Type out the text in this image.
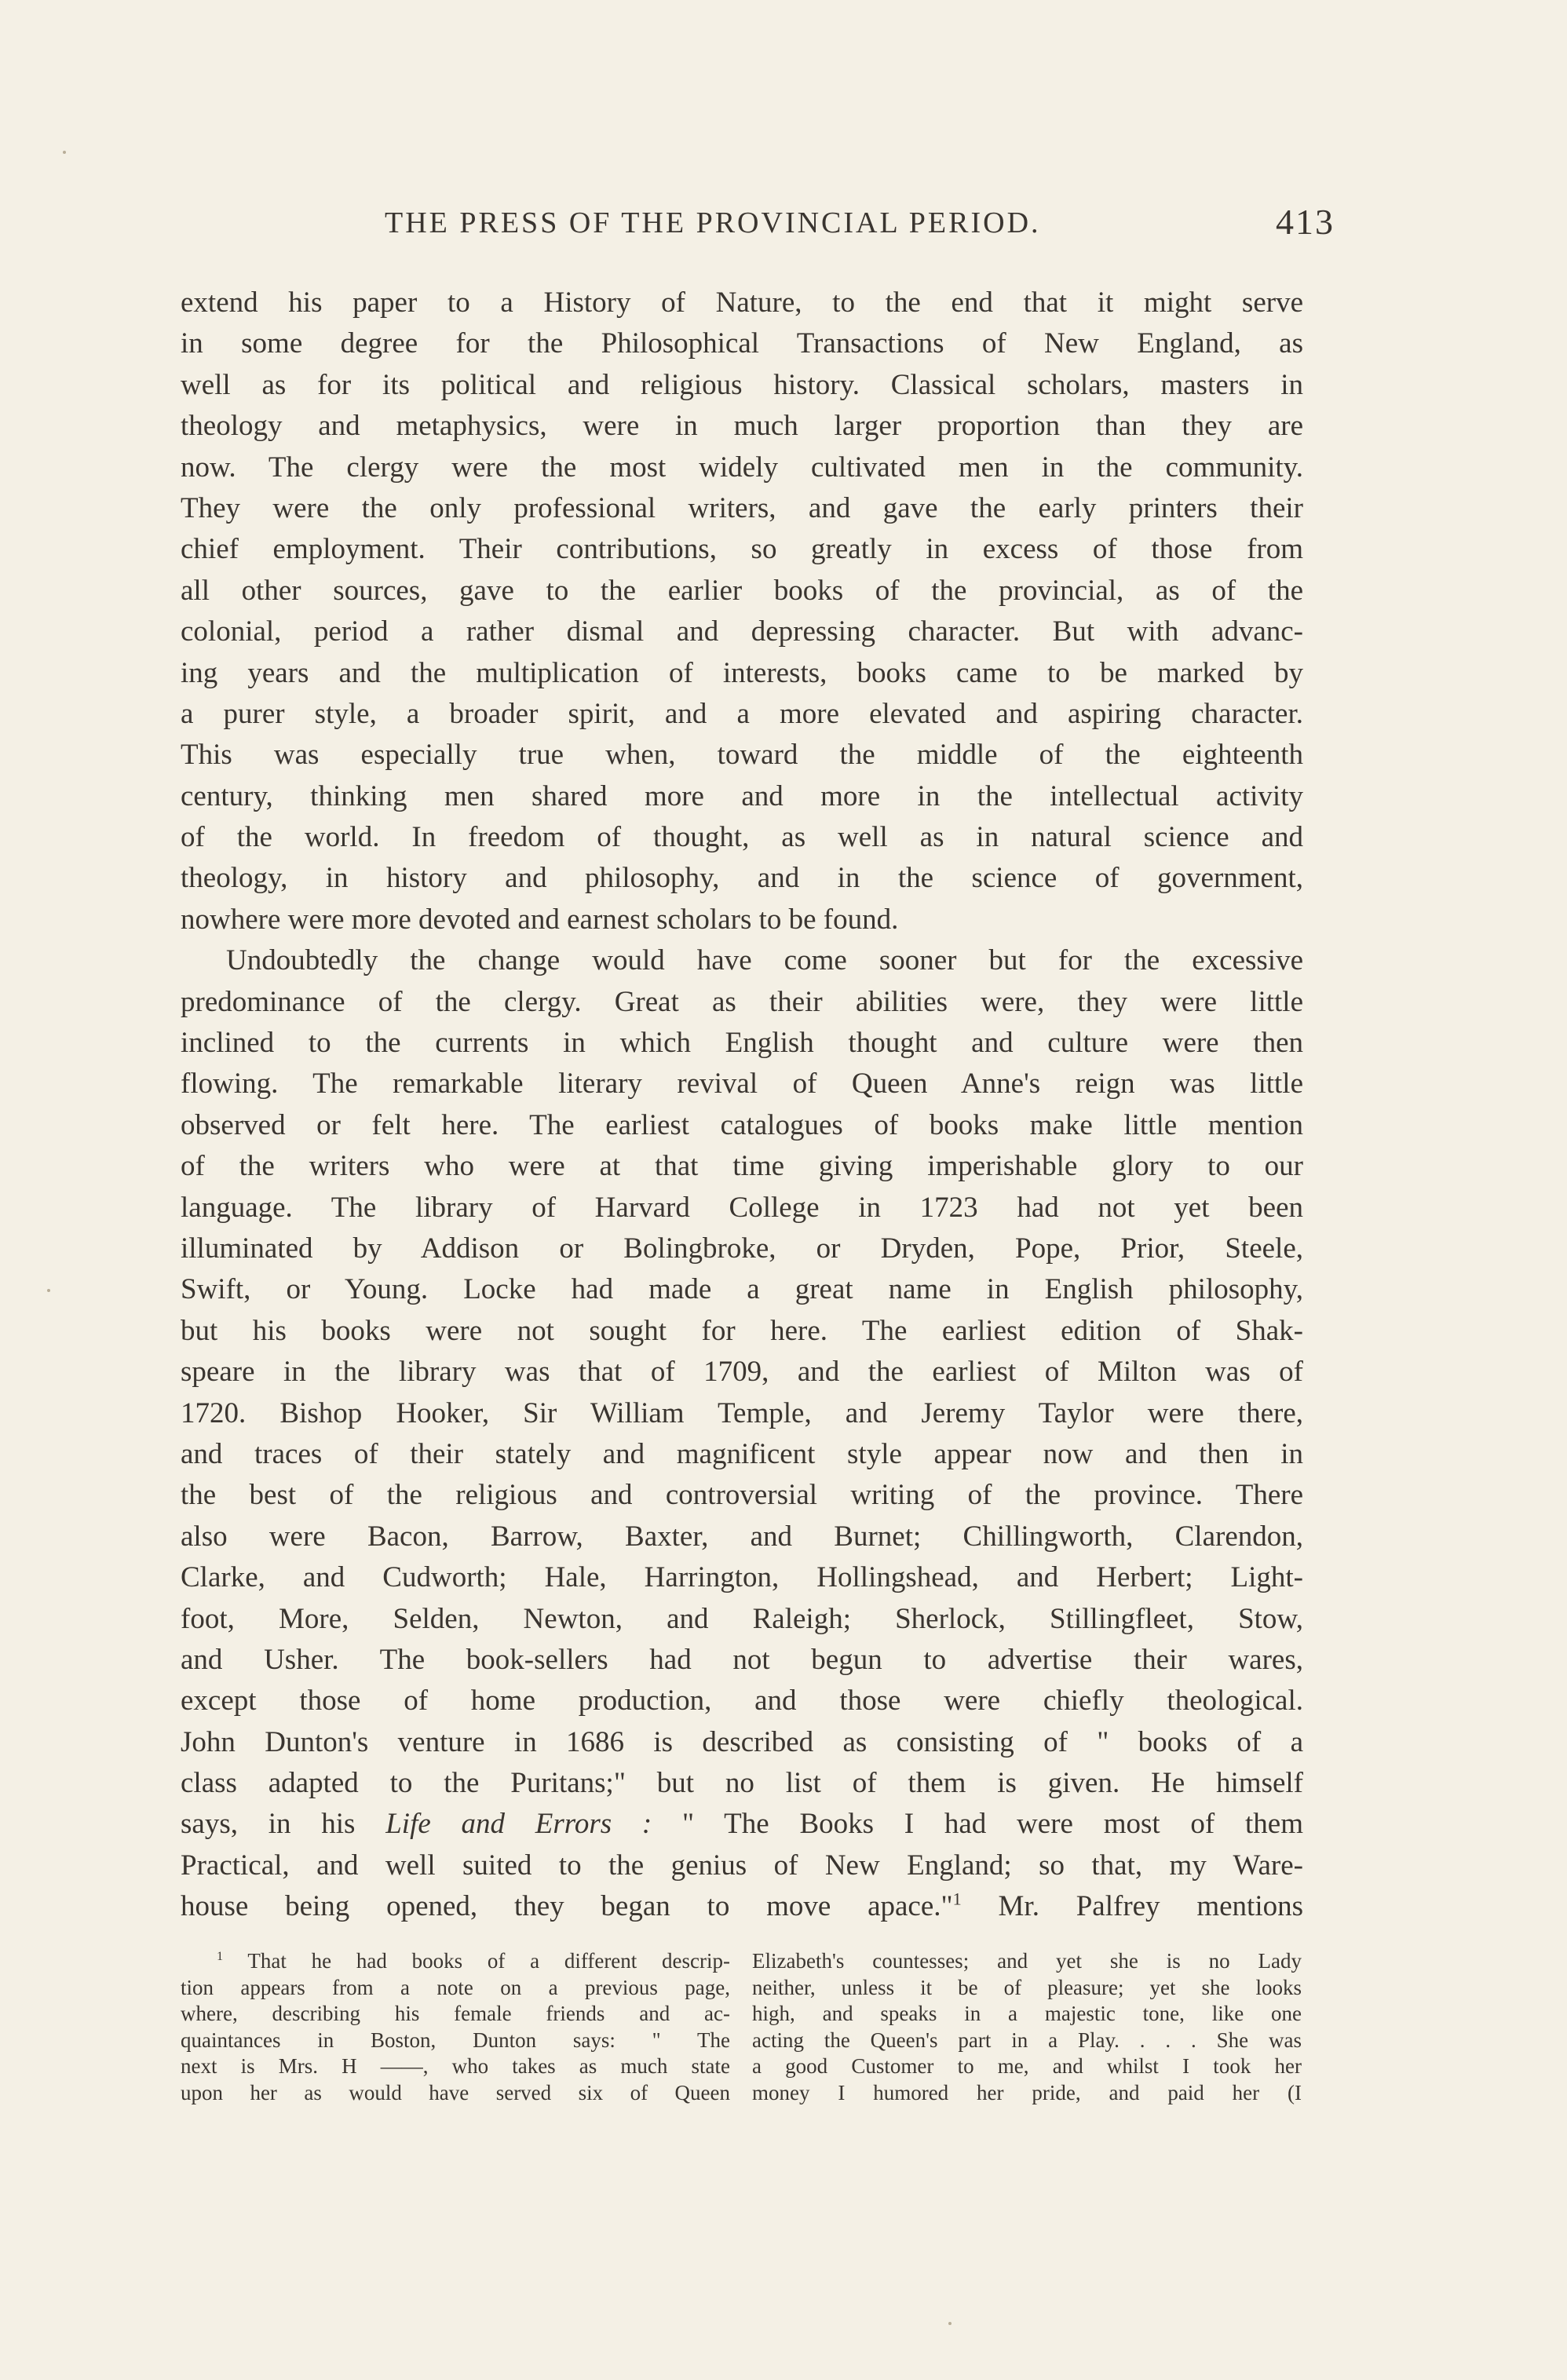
THE PRESS OF THE PROVINCIAL PERIOD.	413
extend his paper to a History of Nature, to the end that it might serve
in some degree for the Philosophical Transactions of New England, as
well as for its political and religious history. Classical scholars, masters in
theology and metaphysics, were in much larger proportion than they are
now. The clergy were the most widely cultivated men in the community.
They were the only professional writers, and gave the early printers their
chief employment. Their contributions, so greatly in excess of those from
all other sources, gave to the earlier books of the provincial, as of the
colonial, period a rather dismal and depressing character. But with advanc-
ing years and the multiplication of interests, books came to be marked by
a purer style, a broader spirit, and a more elevated and aspiring character.
This was especially true when, toward the middle of the eighteenth
century, thinking men shared more and more in the intellectual activity
of the world. In freedom of thought, as well as in natural science and
theology, in history and philosophy, and in the science of government,
nowhere were more devoted and earnest scholars to be found.
Undoubtedly the change would have come sooner but for the excessive
predominance of the clergy. Great as their abilities were, they were little
inclined to the currents in which English thought and culture were then
flowing. The remarkable literary revival of Queen Anne's reign was little
observed or felt here. The earliest catalogues of books make little mention
of the writers who were at that time giving imperishable glory to our
language. The library of Harvard College in 1723 had not yet been
illuminated by Addison or Bolingbroke, or Dryden, Pope, Prior, Steele,
Swift, or Young. Locke had made a great name in English philosophy,
but his books were not sought for here. The earliest edition of Shak-
speare in the library was that of 1709, and the earliest of Milton was of
1720. Bishop Hooker, Sir William Temple, and Jeremy Taylor were there,
and traces of their stately and magnificent style appear now and then in
the best of the religious and controversial writing of the province. There
also were Bacon, Barrow, Baxter, and Burnet; Chillingworth, Clarendon,
Clarke, and Cudworth; Hale, Harrington, Hollingshead, and Herbert; Light-
foot, More, Selden, Newton, and Raleigh; Sherlock, Stillingfleet, Stow,
and Usher. The book-sellers had not begun to advertise their wares,
except those of home production, and those were chiefly theological.
John Dunton's venture in 1686 is described as consisting of " books of a
class adapted to the Puritans;" but no list of them is given. He himself
says, in his Life and Errors : " The Books I had were most of them
Practical, and well suited to the genius of New England; so that, my Ware-
house being opened, they began to move apace."$^1$ Mr. Palfrey mentions
$^1$ That he had books of a different descrip-
tion appears from a note on a previous page,
where, describing his female friends and ac-
quaintances in Boston, Dunton says: " The
next is Mrs. H ——, who takes as much state
upon her as would have served six of Queen
Elizabeth's countesses; and yet she is no Lady
neither, unless it be of pleasure; yet she looks
high, and speaks in a majestic tone, like one
acting the Queen's part in a Play. . . . She was
a good Customer to me, and whilst I took her
money I humored her pride, and paid her (I
